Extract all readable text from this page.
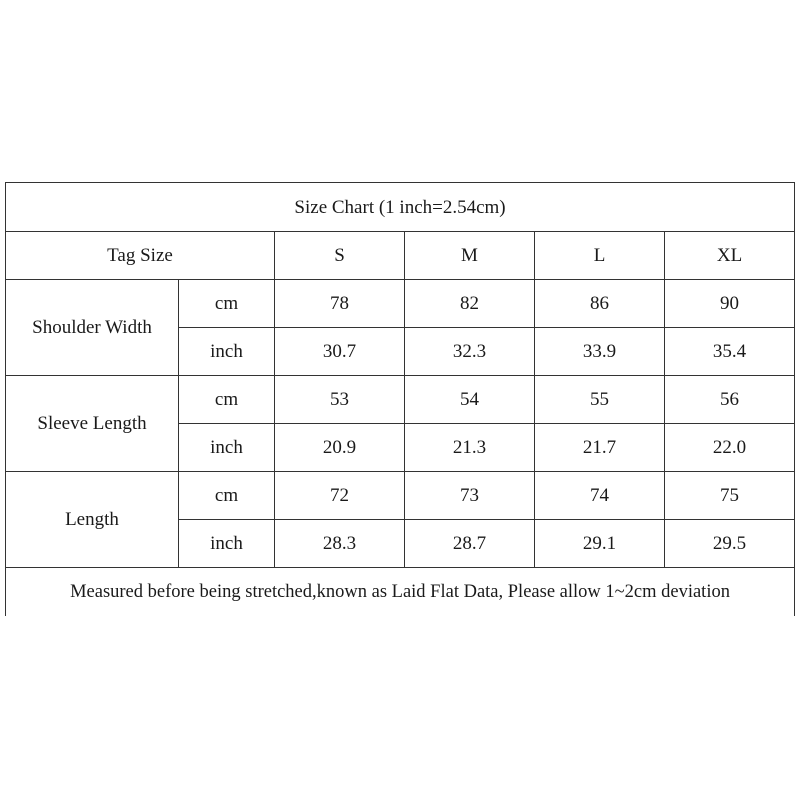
Size Chart (1 inch=2.54cm)					
Tag Size		S	M	L	XL
Shoulder Width	cm	78	82	86	90
	inch	30.7	32.3	33.9	35.4
Sleeve Length	cm	53	54	55	56
	inch	20.9	21.3	21.7	22.0
Length	cm	72	73	74	75
	inch	28.3	28.7	29.1	29.5
Measured before being stretched,known as Laid Flat Data, Please allow 1~2cm deviation					
